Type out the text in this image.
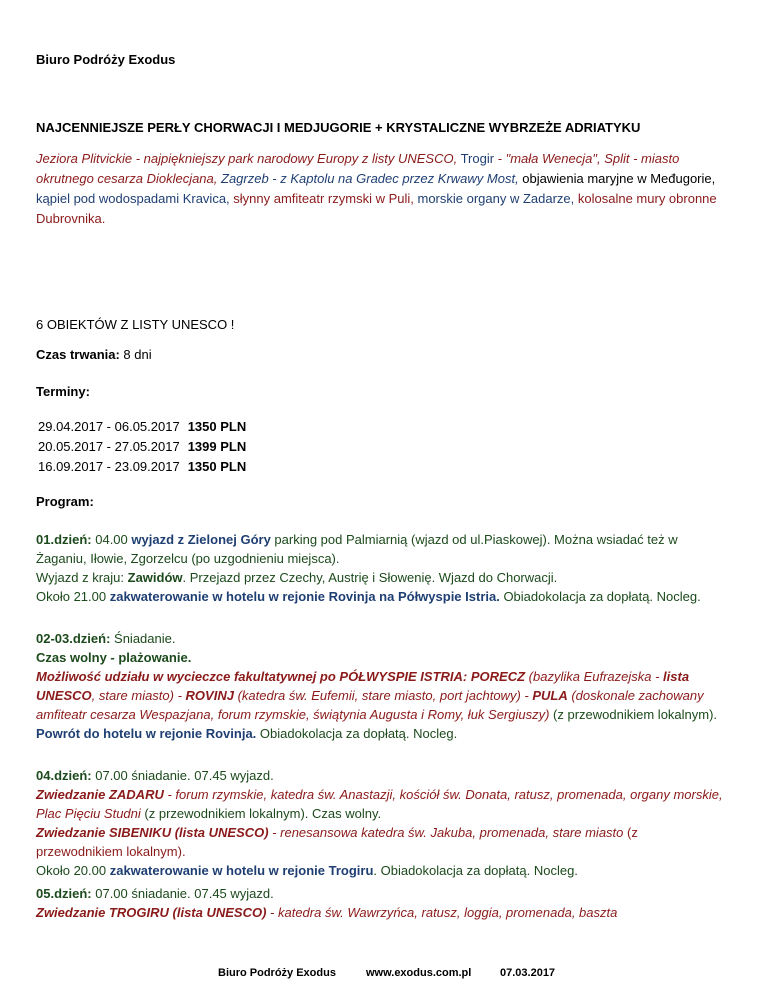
Biuro Podróży Exodus
NAJCENNIEJSZE PERŁY CHORWACJI I MEDJUGORIE + KRYSTALICZNE WYBRZEŻE ADRIATYKU
Jeziora Plitvickie - najpiękniejszy park narodowy Europy z listy UNESCO, Trogir - "mała Wenecja", Split - miasto okrutnego cesarza Dioklecjana, Zagrzeb - z Kaptolu na Gradec przez Krwawy Most, objawienia maryjne w Međugorie, kąpiel pod wodospadami Kravica, słynny amfiteatr rzymski w Puli, morskie organy w Zadarze, kolosalne mury obronne Dubrovnika.
6 OBIEKTÓW Z LISTY UNESCO !
Czas trwania: 8 dni
Terminy:
29.04.2017 - 06.05.2017	1350 PLN
20.05.2017 - 27.05.2017	1399 PLN
16.09.2017 - 23.09.2017	1350 PLN
Program:
01.dzień: 04.00 wyjazd z Zielonej Góry parking pod Palmiarnią (wjazd od ul.Piaskowej). Można wsiadać też w Żaganiu, Iłowie, Zgorzelcu (po uzgodnieniu miejsca).
Wyjazd z kraju: Zawidów. Przejazd przez Czechy, Austrię i Słowenię. Wjazd do Chorwacji.
Około 21.00 zakwaterowanie w hotelu w rejonie Rovinja na Półwyspie Istria. Obiadokolacja za dopłatą. Nocleg.
02-03.dzień: Śniadanie.
Czas wolny - plażowanie.
Możliwość udziału w wycieczce fakultatywnej po PÓŁWYSPIE ISTRIA: PORECZ (bazylika Eufrazejska - lista UNESCO, stare miasto) - ROVINJ (katedra św. Eufemii, stare miasto, port jachtowy) - PULA (doskonale zachowany amfiteatr cesarza Wespazjana, forum rzymskie, świątynia Augusta i Romy, łuk Sergiuszy) (z przewodnikiem lokalnym).
Powrót do hotelu w rejonie Rovinja. Obiadokolacja za dopłatą. Nocleg.
04.dzień: 07.00 śniadanie. 07.45 wyjazd.
Zwiedzanie ZADARU - forum rzymskie, katedra św. Anastazji, kościół św. Donata, ratusz, promenada, organy morskie, Plac Pięciu Studni (z przewodnikiem lokalnym). Czas wolny.
Zwiedzanie SIBENIKU (lista UNESCO) - renesansowa katedra św. Jakuba, promenada, stare miasto (z przewodnikiem lokalnym).
Około 20.00 zakwaterowanie w hotelu w rejonie Trogiru. Obiadokolacja za dopłatą. Nocleg.
05.dzień: 07.00 śniadanie. 07.45 wyjazd.
Zwiedzanie TROGIRU (lista UNESCO) - katedra św. Wawrzyńca, ratusz, loggia, promenada, baszta
Biuro Podróży Exodus	www.exodus.com.pl	07.03.2017
